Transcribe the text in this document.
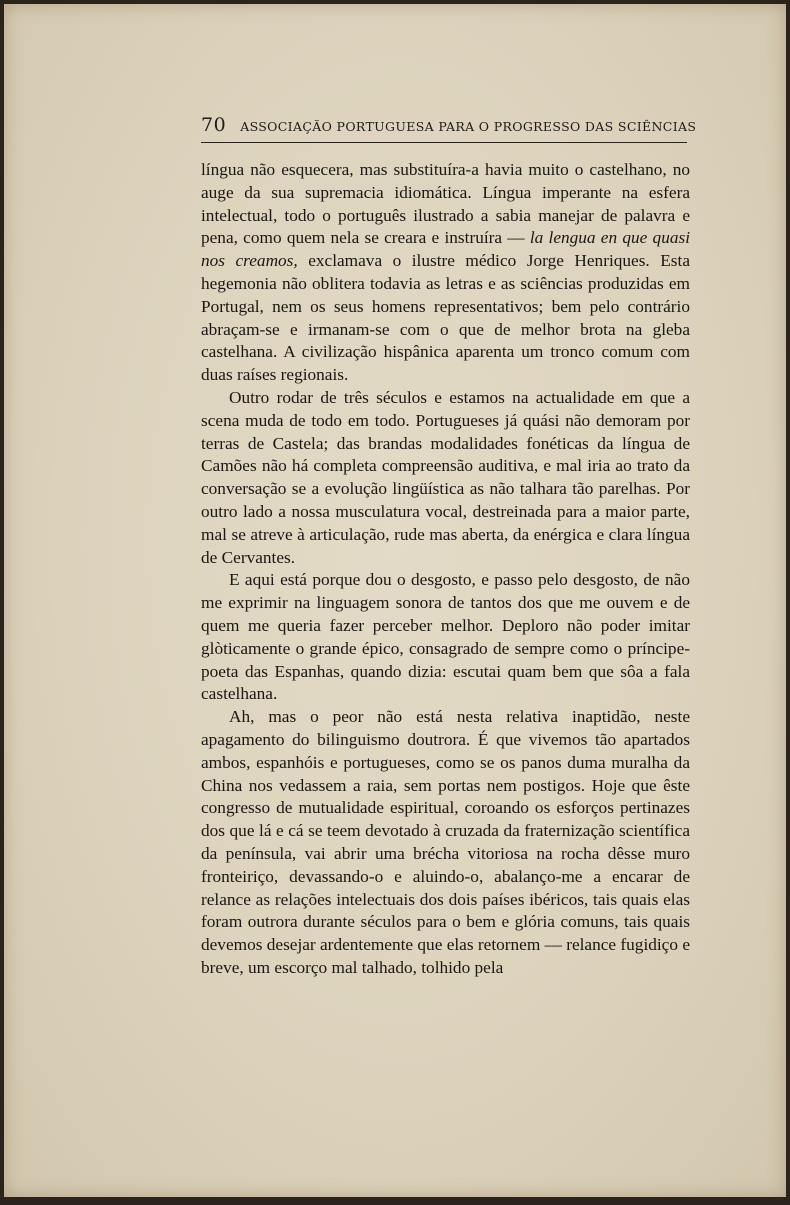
70 ASSOCIAÇÃO PORTUGUESA PARA O PROGRESSO DAS SCIÊNCIAS

língua não esquecera, mas substituíra-a havia muito o castelhano, no auge da sua supremacia idiomática. Língua imperante na esfera intelectual, todo o português ilustrado a sabia manejar de palavra e pena, como quem nela se creara e instruíra — la lengua en que quasi nos creamos, exclamava o ilustre médico Jorge Henriques. Esta hegemonia não oblitera todavia as letras e as sciências produzidas em Portugal, nem os seus homens representativos; bem pelo contrário abraçam-se e irmanam-se com o que de melhor brota na gleba castelhana. A civilização hispânica aparenta um tronco comum com duas raíses regionais.

Outro rodar de três séculos e estamos na actualidade em que a scena muda de todo em todo. Portugueses já quási não demoram por terras de Castela; das brandas modalidades fonéticas da língua de Camões não há completa compreensão auditiva, e mal iria ao trato da conversação se a evolução lingüística as não talhara tão parelhas. Por outro lado a nossa musculatura vocal, destreinada para a maior parte, mal se atreve à articulação, rude mas aberta, da enérgica e clara língua de Cervantes.

E aqui está porque dou o desgosto, e passo pelo desgosto, de não me exprimir na linguagem sonora de tantos dos que me ouvem e de quem me queria fazer perceber melhor. Deploro não poder imitar glòticamente o grande épico, consagrado de sempre como o príncipe-poeta das Espanhas, quando dizia: escutai quam bem que sôa a fala castelhana.

Ah, mas o peor não está nesta relativa inaptidão, neste apagamento do bilinguismo doutrora. É que vivemos tão apartados ambos, espanhóis e portugueses, como se os panos duma muralha da China nos vedassem a raia, sem portas nem postigos. Hoje que êste congresso de mutualidade espiritual, coroando os esforços pertinazes dos que lá e cá se teem devotado à cruzada da fraternização scientífica da península, vai abrir uma brécha vitoriosa na rocha dêsse muro fronteiriço, devassando-o e aluindo-o, abalanço-me a encarar de relance as relações intelectuais dos dois países ibéricos, tais quais elas foram outrora durante séculos para o bem e glória comuns, tais quais devemos desejar ardentemente que elas retornem — relance fugidiço e breve, um escorço mal talhado, tolhido pela
